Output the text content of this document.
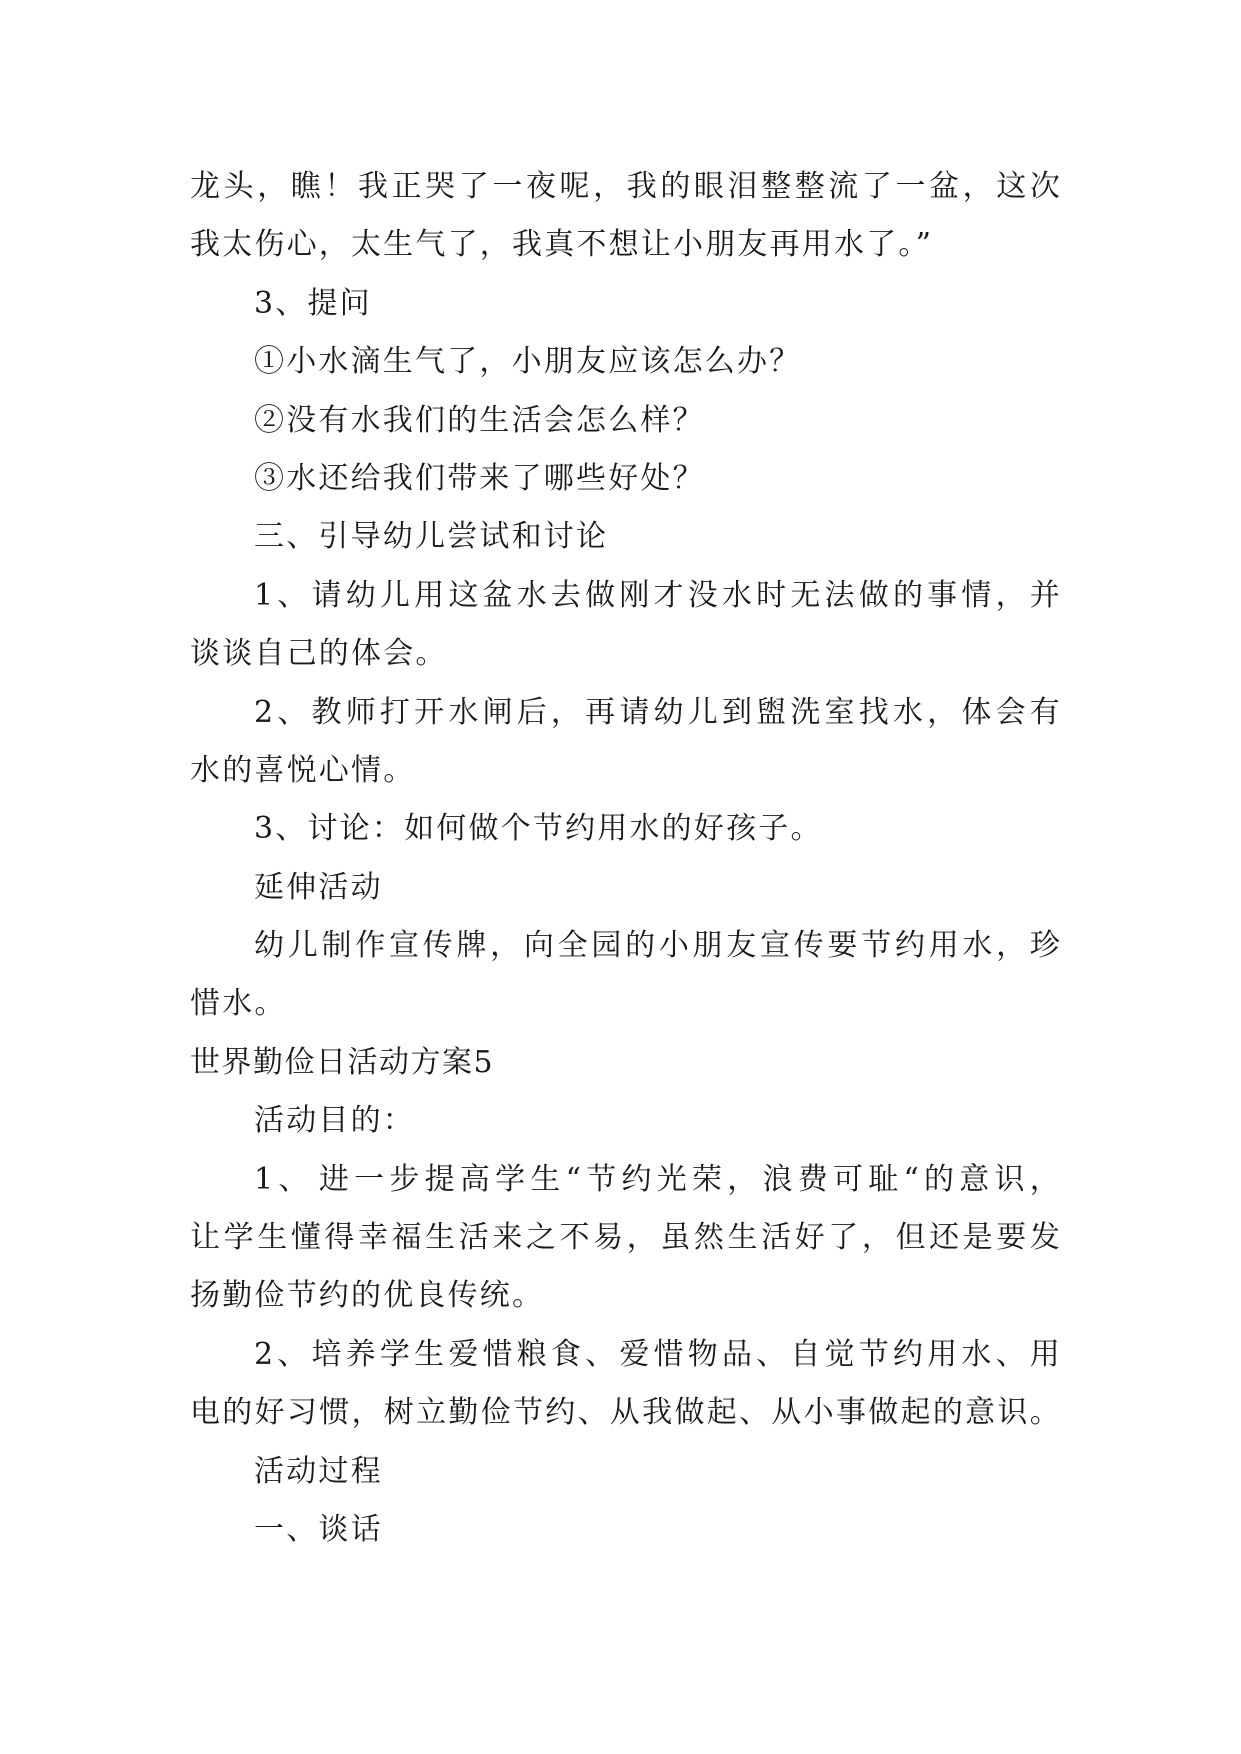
龙 头 ， 瞧 ！ 我 正 哭 了 一 夜 呢 ， 我 的 眼 泪 整 整 流 了 一 盆 ， 这 次
我太伤心，太生气了，我真不想让小朋友再用水了。”
3、提问
①小水滴生气了，小朋友应该怎么办？
②没有水我们的生活会怎么样？
③水还给我们带来了哪些好处？
三、引导幼儿尝试和讨论
1 、 请 幼 儿 用 这 盆 水 去 做 刚 才 没 水 时 无 法 做 的 事 情 ， 并
谈谈自己的体会。
2 、 教 师 打 开 水 闸 后 ， 再 请 幼 儿 到 盥 洗 室 找 水 ， 体 会 有
水的喜悦心情。
3、讨论：如何做个节约用水的好孩子。
延伸活动
幼 儿 制 作 宣 传 牌 ， 向 全 园 的 小 朋 友 宣 传 要 节 约 用 水 ， 珍
惜水。
世界勤俭日活动方案5
活动目的：
1 、 进 一 步 提 高 学 生 “ 节 约 光 荣 ， 浪 费 可 耻 “ 的 意 识 ，
让 学 生 懂 得 幸 福 生 活 来 之 不 易 ， 虽 然 生 活 好 了 ， 但 还 是 要 发
扬勤俭节约的优良传统。
2 、 培 养 学 生 爱 惜 粮 食 、 爱 惜 物 品 、 自 觉 节 约 用 水 、 用
电 的 好 习 惯 ， 树 立 勤 俭 节 约 、 从 我 做 起 、 从 小 事 做 起 的 意 识 。
活动过程
一、谈话
